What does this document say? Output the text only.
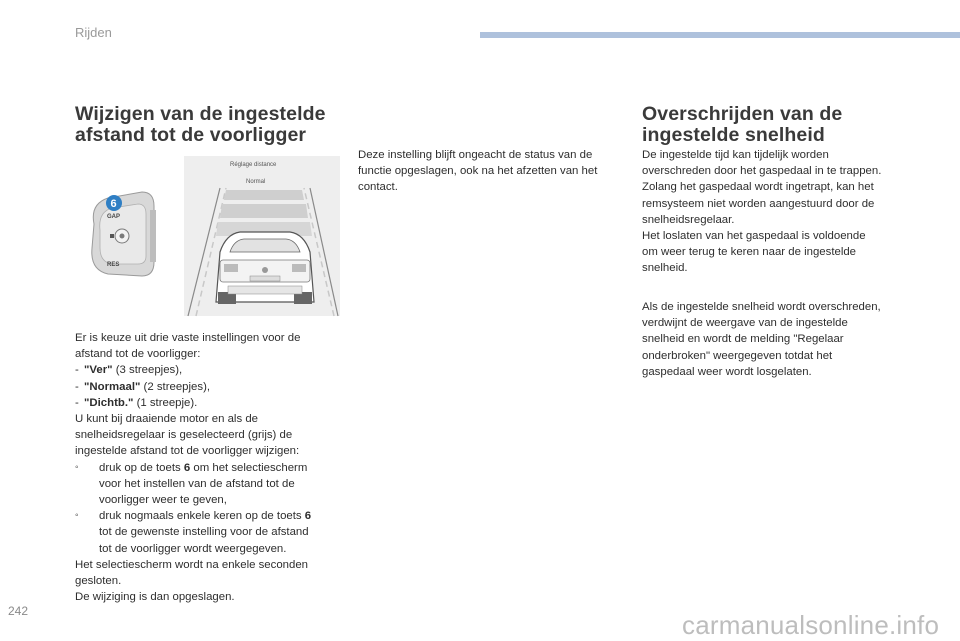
Rijden
Wijzigen van de ingestelde
afstand tot de voorligger
GAP
RES
6
Réglage distance
Normal

Er is keuze uit drie vaste instellingen voor de

afstand tot de voorligger:

- "Ver" (3 streepjes),
- "Normaal" (2 streepjes),
- "Dichtb." (1 streepje).

U kunt bij draaiende motor en als de

snelheidsregelaar is geselecteerd (grijs) de

ingestelde afstand tot de voorligger wijzigen:

◦	druk op de toets 6 om het selectiescherm
voor het instellen van de afstand tot de
voorligger weer te geven,
◦	druk nogmaals enkele keren op de toets 6
tot de gewenste instelling voor de afstand
tot de voorligger wordt weergegeven.

Het selectiescherm wordt na enkele seconden

gesloten.

De wijziging is dan opgeslagen.

Deze instelling blijft ongeacht de status van de

functie opgeslagen, ook na het afzetten van het

contact.

Overschrijden van de
ingestelde snelheid

De ingestelde tijd kan tijdelijk worden

overschreden door het gaspedaal in te trappen.

Zolang het gaspedaal wordt ingetrapt, kan het

remsysteem niet worden aangestuurd door de

snelheidsregelaar.

Het loslaten van het gaspedaal is voldoende

om weer terug te keren naar de ingestelde

snelheid.

Als de ingestelde snelheid wordt overschreden,

verdwijnt de weergave van de ingestelde

snelheid en wordt de melding "Regelaar

onderbroken" weergegeven totdat het

gaspedaal weer wordt losgelaten.

242	carmanualsonline.info
